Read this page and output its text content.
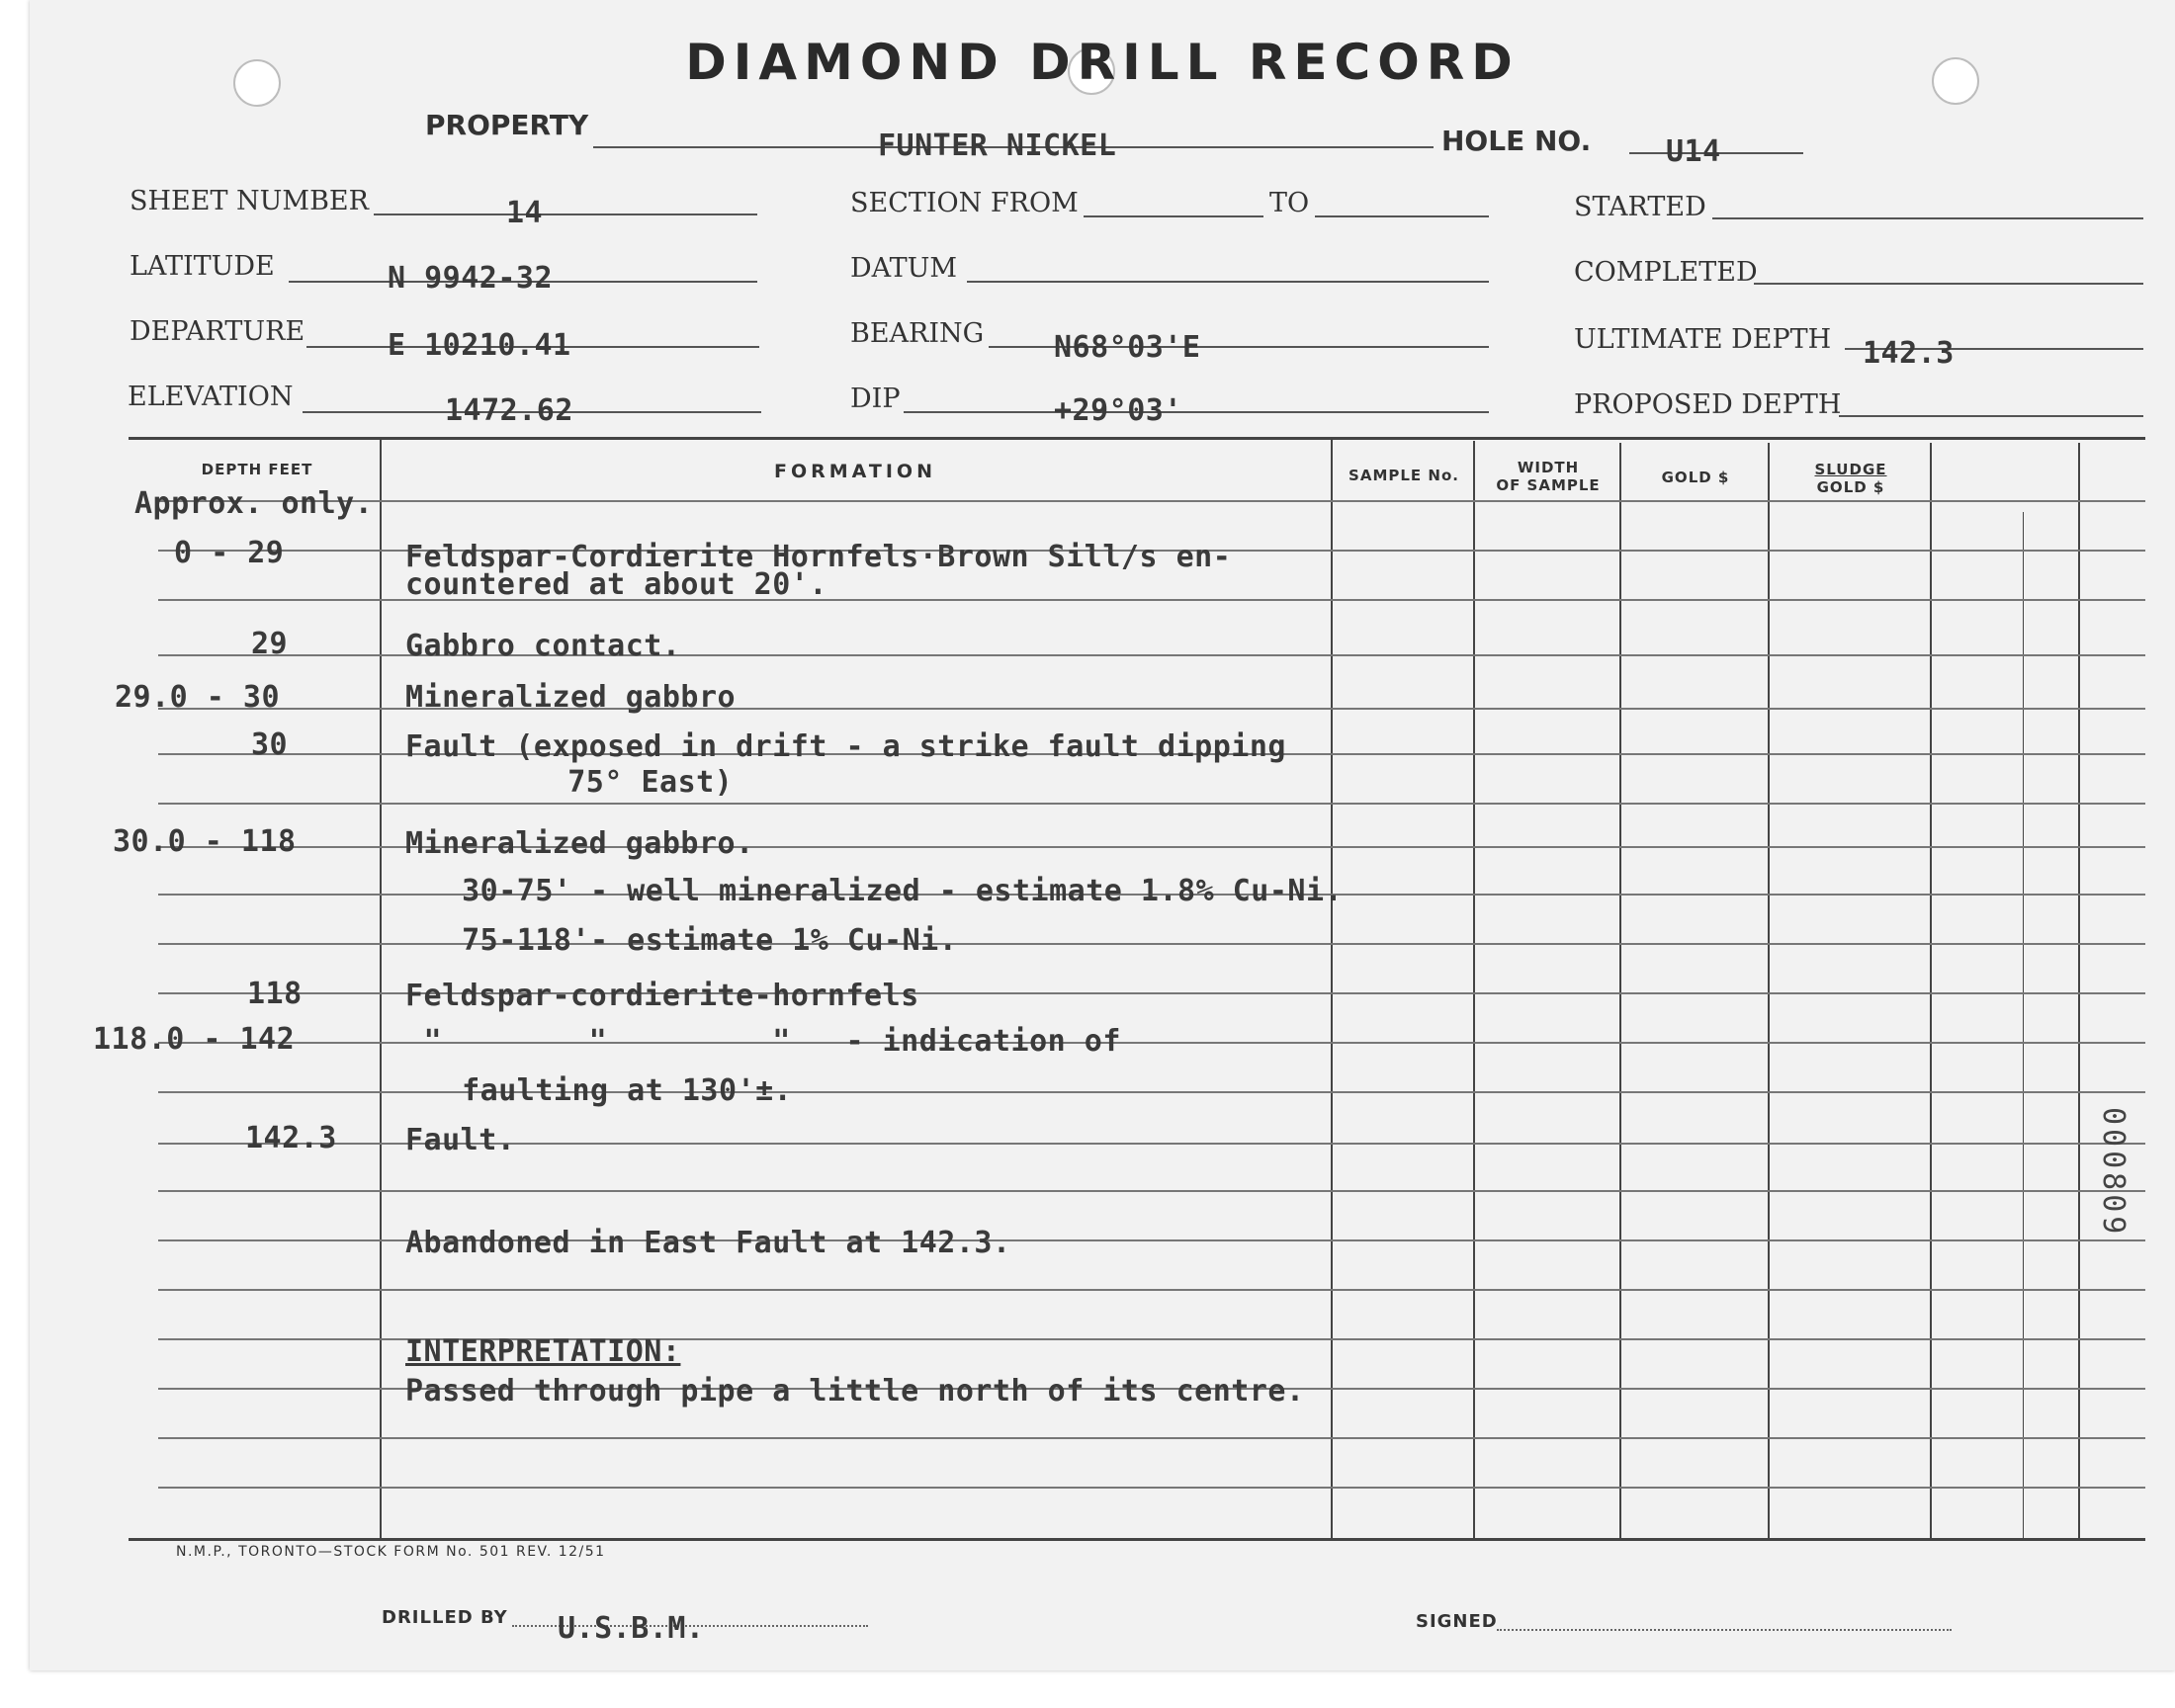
DIAMOND DRILL RECORD
PROPERTY
FUNTER NICKEL	HOLE NO.	U14
SHEET NUMBER	14
LATITUDE	N 9942-32
DEPARTURE	E 10210.41
ELEVATION	1472.62
SECTION FROM	TO
DATUM
BEARING N68°03'E
DIP	+29°03'
STARTED
COMPLETED
ULTIMATE DEPTH 142.3
PROPOSED DEPTH
DEPTH FEET	FORMATION	SAMPLE No.	WIDTH
OF SAMPLE	GOLD $	SLUDGE
GOLD $
Approx. only.
0 - 29	Feldspar-Cordierite Hornfels·Brown Sill/s en-
countered at about 20'.
29	Gabbro contact.
29.0 - 30	Mineralized gabbro
30	Fault (exposed in drift - a strike fault dipping
75° East)
30.0 - 118	Mineralized gabbro.
30-75' - well mineralized - estimate 1.8% Cu-Ni.
75-118'- estimate 1% Cu-Ni.
118	Feldspar-cordierite-hornfels
118.0 - 142	"        "         "   - indication of
faulting at 130'±.
142.3 Fault.
Abandoned in East Fault at 142.3.
INTERPRETATION:
Passed through pipe a little north of its centre.
000809
N.M.P., TORONTO—STOCK FORM No. 501 REV. 12/51
DRILLED BY U.S.B.M.	SIGNED
